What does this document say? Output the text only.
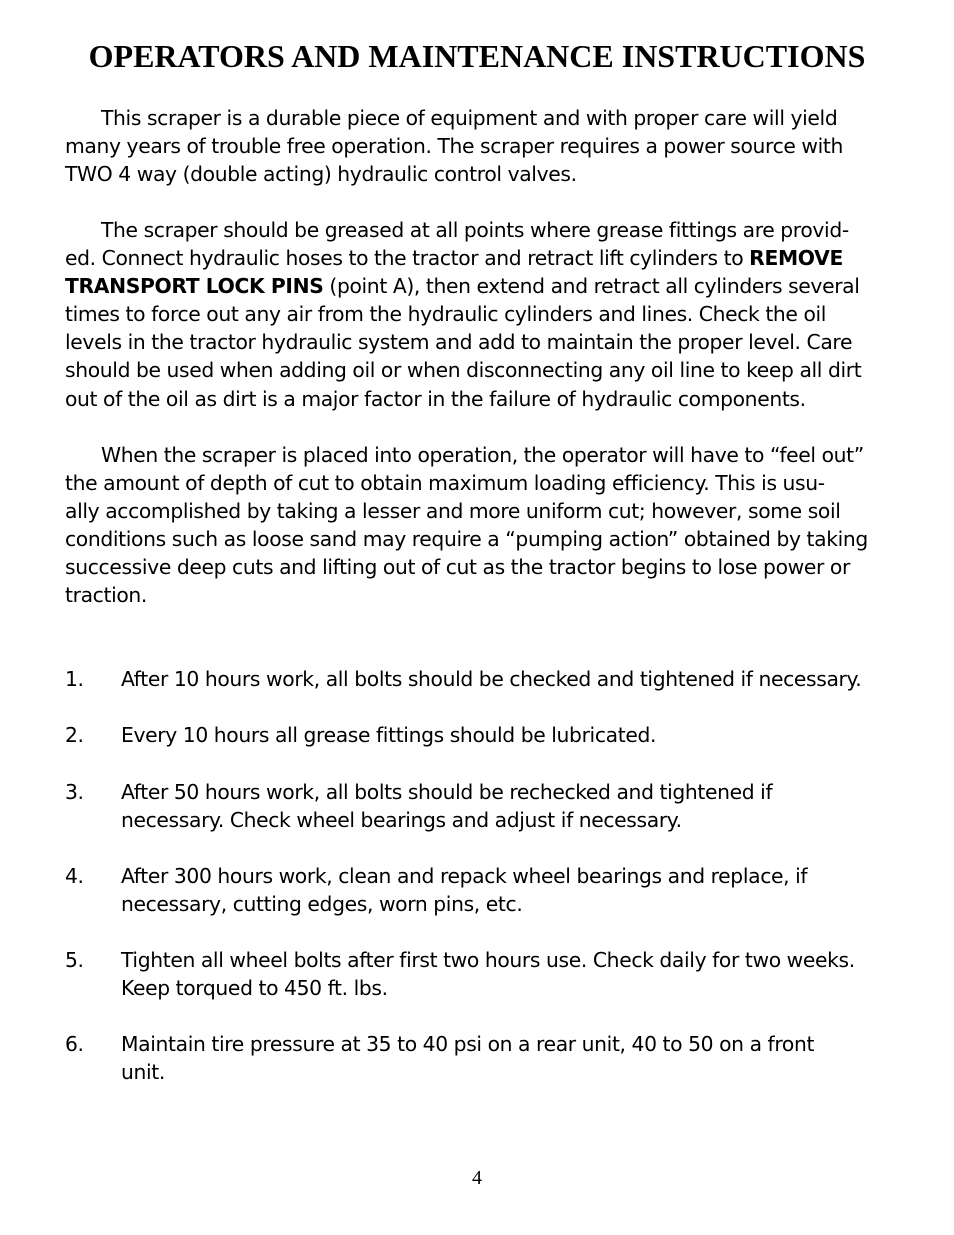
OPERATORS AND MAINTENANCE INSTRUCTIONS

This scraper is a durable piece of equipment and with proper care will yield
many years of trouble free operation. The scraper requires a power source with
TWO 4 way (double acting) hydraulic control valves.

The scraper should be greased at all points where grease fittings are provid-
ed. Connect hydraulic hoses to the tractor and retract lift cylinders to REMOVE
TRANSPORT LOCK PINS (point A), then extend and retract all cylinders several
times to force out any air from the hydraulic cylinders and lines. Check the oil
levels in the tractor hydraulic system and add to maintain the proper level. Care
should be used when adding oil or when disconnecting any oil line to keep all dirt
out of the oil as dirt is a major factor in the failure of hydraulic components.

When the scraper is placed into operation, the operator will have to “feel out”
the amount of depth of cut to obtain maximum loading efficiency. This is usu-
ally accomplished by taking a lesser and more uniform cut; however, some soil
conditions such as loose sand may require a “pumping action” obtained by taking
successive deep cuts and lifting out of cut as the tractor begins to lose power or
traction.

1.	After 10 hours work, all bolts should be checked and tightened if necessary.
2.	Every 10 hours all grease fittings should be lubricated.
3.	After 50 hours work, all bolts should be rechecked and tightened if
necessary. Check wheel bearings and adjust if necessary.
4.	After 300 hours work, clean and repack wheel bearings and replace, if
necessary, cutting edges, worn pins, etc.
5.	Tighten all wheel bolts after first two hours use. Check daily for two weeks.
Keep torqued to 450 ft. lbs.
6.	Maintain tire pressure at 35 to 40 psi on a rear unit, 40 to 50 on a front
unit.
4
